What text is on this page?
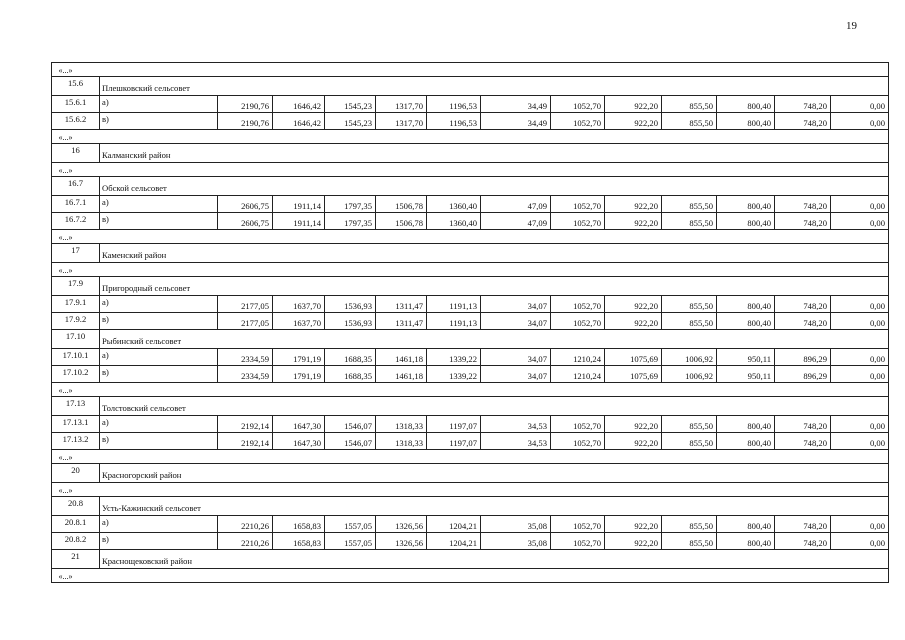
19
«...»
15.6	Плешковский сельсовет
15.6.1	а)	2190,76	1646,42	1545,23	1317,70	1196,53	34,49	1052,70	922,20	855,50	800,40	748,20	0,00
15.6.2	в)	2190,76	1646,42	1545,23	1317,70	1196,53	34,49	1052,70	922,20	855,50	800,40	748,20	0,00
«...»
16	Калманский район
«...»
16.7	Обской сельсовет
16.7.1	а)	2606,75	1911,14	1797,35	1506,78	1360,40	47,09	1052,70	922,20	855,50	800,40	748,20	0,00
16.7.2	в)	2606,75	1911,14	1797,35	1506,78	1360,40	47,09	1052,70	922,20	855,50	800,40	748,20	0,00
«...»
17	Каменский район
«...»
17.9	Пригородный сельсовет
17.9.1	а)	2177,05	1637,70	1536,93	1311,47	1191,13	34,07	1052,70	922,20	855,50	800,40	748,20	0,00
17.9.2	в)	2177,05	1637,70	1536,93	1311,47	1191,13	34,07	1052,70	922,20	855,50	800,40	748,20	0,00
17.10	Рыбинский сельсовет
17.10.1	а)	2334,59	1791,19	1688,35	1461,18	1339,22	34,07	1210,24	1075,69	1006,92	950,11	896,29	0,00
17.10.2	в)	2334,59	1791,19	1688,35	1461,18	1339,22	34,07	1210,24	1075,69	1006,92	950,11	896,29	0,00
«...»
17.13	Толстовский сельсовет
17.13.1	а)	2192,14	1647,30	1546,07	1318,33	1197,07	34,53	1052,70	922,20	855,50	800,40	748,20	0,00
17.13.2	в)	2192,14	1647,30	1546,07	1318,33	1197,07	34,53	1052,70	922,20	855,50	800,40	748,20	0,00
«...»
20	Красногорский район
«...»
20.8	Усть-Кажинский сельсовет
20.8.1	а)	2210,26	1658,83	1557,05	1326,56	1204,21	35,08	1052,70	922,20	855,50	800,40	748,20	0,00
20.8.2	в)	2210,26	1658,83	1557,05	1326,56	1204,21	35,08	1052,70	922,20	855,50	800,40	748,20	0,00
21	Краснощековский район
«...»
